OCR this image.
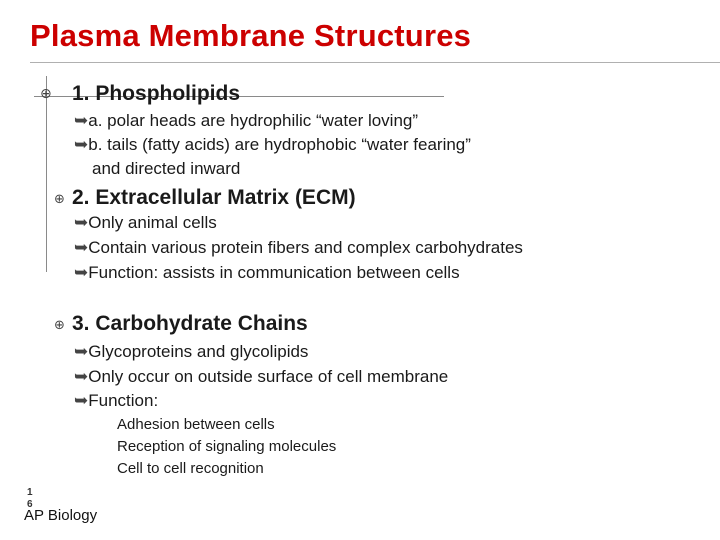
Plasma Membrane Structures
⊕ 1. Phospholipids
➥a. polar heads are hydrophilic “water loving”
➥b. tails (fatty acids) are hydrophobic “water fearing”
and directed inward
⊕ 2. Extracellular Matrix (ECM)
➥Only animal cells
➥Contain various protein fibers and complex carbohydrates
➥Function: assists in communication between cells
⊕ 3. Carbohydrate Chains
➥Glycoproteins and glycolipids
➥Only occur on outside surface of cell membrane
➥Function:
Adhesion between cells
Reception of signaling molecules
Cell to cell recognition
1
6
AP Biology
